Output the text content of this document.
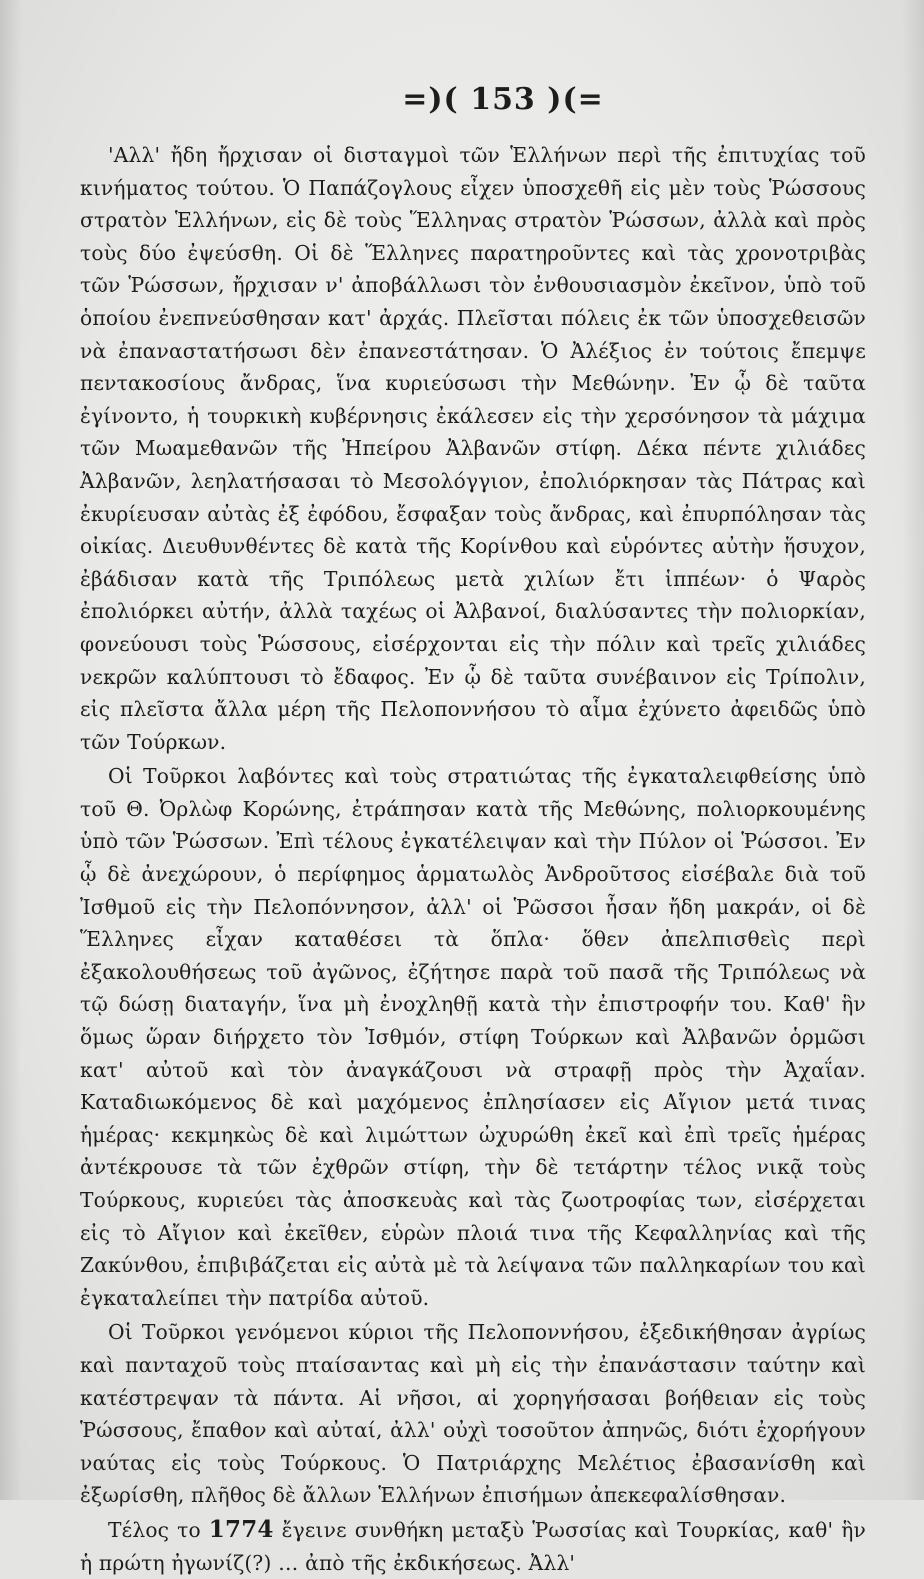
=)( 153 )(=

'Αλλ' ἤδη ἤρχισαν οἱ δισταγμοὶ τῶν Ἑλλήνων περὶ τῆς ἐπιτυχίας τοῦ κινήματος τούτου. Ὁ Παπάζογλους εἶχεν ὑποσχεθῆ εἰς μὲν τοὺς Ῥώσσους στρατὸν Ἑλλήνων, εἰς δὲ τοὺς Ἕλληνας στρατὸν Ῥώσσων, ἀλλὰ καὶ πρὸς τοὺς δύο ἐψεύσθη. Οἱ δὲ Ἕλληνες παρατηροῦντες καὶ τὰς χρονοτριβὰς τῶν Ῥώσσων, ἤρχισαν ν' ἀποβάλλωσι τὸν ἐνθουσιασμὸν ἐκεῖνον, ὑπὸ τοῦ ὁποίου ἐνεπνεύσθησαν κατ' ἀρχάς. Πλεῖσται πόλεις ἐκ τῶν ὑποσχεθεισῶν νὰ ἐπαναστατήσωσι δὲν ἐπανεστάτησαν. Ὁ Ἀλέξιος ἐν τούτοις ἔπεμψε πεντακοσίους ἄνδρας, ἵνα κυριεύσωσι τὴν Μεθώνην. Ἐν ᾧ δὲ ταῦτα ἐγίνοντο, ἡ τουρκικὴ κυβέρνησις ἐκάλεσεν εἰς τὴν χερσόνησον τὰ μάχιμα τῶν Μωαμεθανῶν τῆς Ἠπείρου Ἀλβανῶν στίφη. Δέκα πέντε χιλιάδες Ἀλβανῶν, λεηλατήσασαι τὸ Μεσολόγγιον, ἐπολιόρκησαν τὰς Πάτρας καὶ ἐκυρίευσαν αὐτὰς ἐξ ἐφόδου, ἔσφαξαν τοὺς ἄνδρας, καὶ ἐπυρπόλησαν τὰς οἰκίας. Διευθυνθέντες δὲ κατὰ τῆς Κορίνθου καὶ εὑρόντες αὐτὴν ἥσυχον, ἐβάδισαν κατὰ τῆς Τριπόλεως μετὰ χιλίων ἔτι ἱππέων· ὁ Ψαρὸς ἐπολιόρκει αὐτήν, ἀλλὰ ταχέως οἱ Ἀλβανοί, διαλύσαντες τὴν πολιορκίαν, φονεύουσι τοὺς Ῥώσσους, εἰσέρχονται εἰς τὴν πόλιν καὶ τρεῖς χιλιάδες νεκρῶν καλύπτουσι τὸ ἔδαφος. Ἐν ᾧ δὲ ταῦτα συνέβαινον εἰς Τρίπολιν, εἰς πλεῖστα ἄλλα μέρη τῆς Πελοποννήσου τὸ αἷμα ἐχύνετο ἀφειδῶς ὑπὸ τῶν Τούρκων.

Οἱ Τοῦρκοι λαβόντες καὶ τοὺς στρατιώτας τῆς ἐγκαταλειφθείσης ὑπὸ τοῦ Θ. Ὀρλὼφ Κορώνης, ἐτράπησαν κατὰ τῆς Μεθώνης, πολιορκουμένης ὑπὸ τῶν Ῥώσσων. Ἐπὶ τέλους ἐγκατέλειψαν καὶ τὴν Πύλον οἱ Ῥώσσοι. Ἐν ᾧ δὲ ἀνεχώρουν, ὁ περίφημος ἁρματωλὸς Ἀνδροῦτσος εἰσέβαλε διὰ τοῦ Ἰσθμοῦ εἰς τὴν Πελοπόννησον, ἀλλ' οἱ Ῥῶσσοι ἦσαν ἤδη μακράν, οἱ δὲ Ἕλληνες εἶχαν καταθέσει τὰ ὅπλα· ὅθεν ἀπελπισθεὶς περὶ ἐξακολουθήσεως τοῦ ἀγῶνος, ἐζήτησε παρὰ τοῦ πασᾶ τῆς Τριπόλεως νὰ τῷ δώσῃ διαταγήν, ἵνα μὴ ἐνοχληθῇ κατὰ τὴν ἐπιστροφήν του. Καθ' ἣν ὅμως ὥραν διήρχετο τὸν Ἰσθμόν, στίφη Τούρκων καὶ Ἀλβανῶν ὁρμῶσι κατ' αὐτοῦ καὶ τὸν ἀναγκάζουσι νὰ στραφῇ πρὸς τὴν Ἀχαΐαν. Καταδιωκόμενος δὲ καὶ μαχόμενος ἐπλησίασεν εἰς Αἴγιον μετά τινας ἡμέρας· κεκμηκὼς δὲ καὶ λιμώττων ὠχυρώθη ἐκεῖ καὶ ἐπὶ τρεῖς ἡμέρας ἀντέκρουσε τὰ τῶν ἐχθρῶν στίφη, τὴν δὲ τετάρτην τέλος νικᾷ τοὺς Τούρκους, κυριεύει τὰς ἀποσκευὰς καὶ τὰς ζωοτροφίας των, εἰσέρχεται εἰς τὸ Αἴγιον καὶ ἐκεῖθεν, εὑρὼν πλοιά τινα τῆς Κεφαλληνίας καὶ τῆς Ζακύνθου, ἐπιβιβάζεται εἰς αὐτὰ μὲ τὰ λείψανα τῶν παλληκαρίων του καὶ ἐγκαταλείπει τὴν πατρίδα αὐτοῦ.

Οἱ Τοῦρκοι γενόμενοι κύριοι τῆς Πελοποννήσου, ἐξεδικήθησαν ἀγρίως καὶ πανταχοῦ τοὺς πταίσαντας καὶ μὴ εἰς τὴν ἐπανάστασιν ταύτην καὶ κατέστρεψαν τὰ πάντα. Αἱ νῆσοι, αἱ χορηγήσασαι βοήθειαν εἰς τοὺς Ῥώσσους, ἔπαθον καὶ αὐταί, ἀλλ' οὐχὶ τοσοῦτον ἀπηνῶς, διότι ἐχορήγουν ναύτας εἰς τοὺς Τούρκους. Ὁ Πατριάρχης Μελέτιος ἐβασανίσθη καὶ ἐξωρίσθη, πλῆθος δὲ ἄλλων Ἑλλήνων ἐπισήμων ἀπεκεφαλίσθησαν.

Τέλος το 1774 ἔγεινε συνθήκη μεταξὺ Ῥωσσίας καὶ Τουρκίας, καθ' ἣν ἡ πρώτη ἠγωνίζ(?) … ἀπὸ τῆς ἐκδικήσεως. Ἀλλ'
